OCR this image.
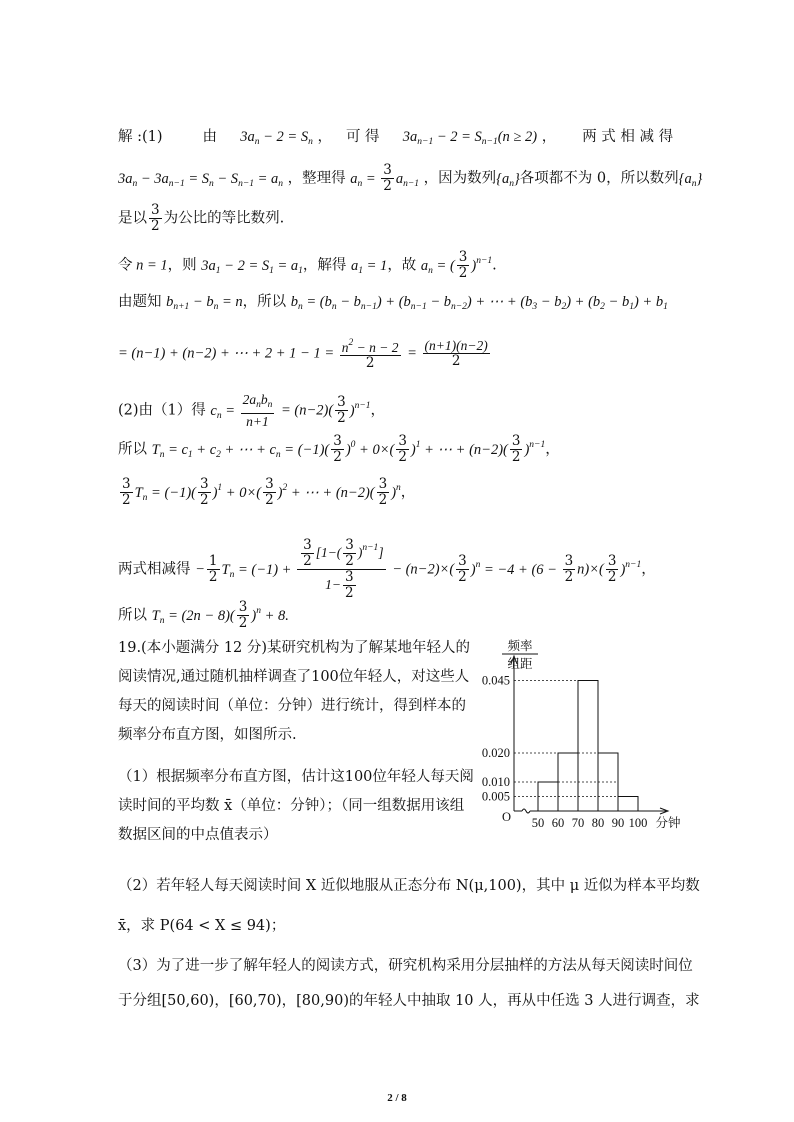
解 :(1)	由 $3a_n - 2 = S_n$ ， 可 得 $3a_{n-1} - 2 = S_{n-1}(n \ge 2)$ ， 两 式 相 减 得
$3a_n - 3a_{n-1} = S_n - S_{n-1} = a_n$ ，整理得 $a_n = \frac{3}{2} a_{n-1}$ ，因为数列$\{a_n\}$各项都不为 0，所以数列$\{a_n\}$
是以 $\frac{3}{2}$ 为公比的等比数列.
令 n = 1，则 $3a_1 - 2 = S_1 = a_1$，解得 $a_1 = 1$，故 $a_n$ = ( $\frac{3}{2} )^{n-1}$.
由题知 $b_{n+1} - b_n = n$，所以 $b_n = (b_n - b_{n-1}) + (b_{n-1} - b_{n-2})$ + ⋯ + $(b_3 - b_2) + (b_2 - b_1) + b_1$
= (n−1) + (n−2) + ⋯ + $2 + 1 - 1 = \frac{n^2 - n - 2}{2} = \frac{(n+1)(n-2)}{2}$
(2)由（1）得 $c_n = \frac{2a_nb_n}{n+1} = (n-2)( \frac{3}{2} )^{n-1}$，
所以 $T_n = c_1 + c_2$ + ⋯ + $c_n = (-1)( \frac{3}{2} )^0 + 0\times( \frac{3}{2} )^1$ + ⋯ + $(n-2)( \frac{3}{2} )^{n-1}$，
$\frac{3}{2} T_n = (-1)( \frac{3}{2} )^1 + 0\times( \frac{3}{2} )^2$ + ⋯ + $(n-2)( \frac{3}{2} )^n$，
两式相减得 − $\frac{1}{2} T_n = (-1) + \frac{\frac{3}{2} [1-( \frac{3}{2} )^{n-1}]}{1- \frac{3}{2}} - (n-2)\times( \frac{3}{2} )^n = -4 + (6 - \frac{3}{2} n)\times( \frac{3}{2} )^{n-1}$，
所以 $T_n = (2n - 8)( \frac{3}{2} )^n + 8$.
19.(本小题满分 12 分)某研究机构为了解某地年轻人的阅读情况,通过随机抽样调查了100位年轻人，对这些人每天的阅读时间（单位：分钟）进行统计，得到样本的频率分布直方图，如图所示.
（1）根据频率分布直方图，估计这100位年轻人每天阅读时间的平均数 x̄（单位：分钟）；（同一组数据用该组数据区间的中点值表示）
（2）若年轻人每天阅读时间 X 近似地服从正态分布 N(μ,100)，其中 μ 近似为样本平均数
x̄，求 P(64 < X ≤ 94)；
（3）为了进一步了解年轻人的阅读方式，研究机构采用分层抽样的方法从每天阅读时间位
于分组[50,60)，[60,70)，[80,90)的年轻人中抽取 10 人，再从中任选 3 人进行调查，求
频率
组距
O
0.045
0.020
0.010
0.005
50 60 70 80 90 100 分钟
2 / 8
